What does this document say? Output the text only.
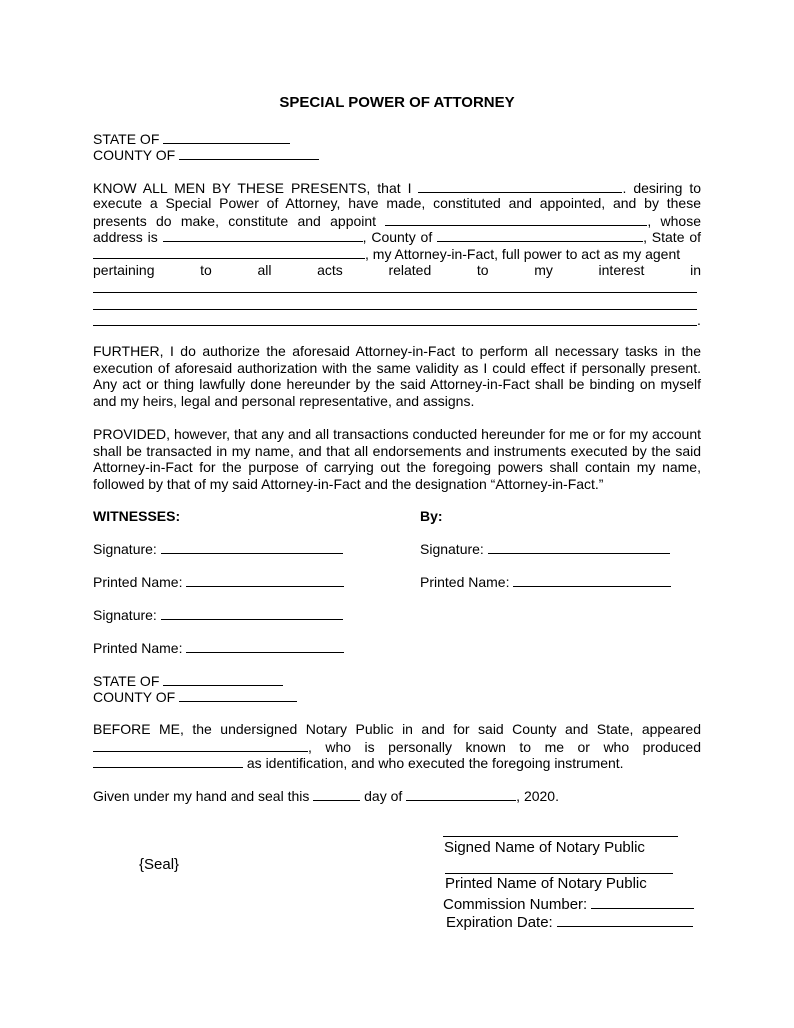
SPECIAL POWER OF ATTORNEY
STATE OF
COUNTY OF
KNOW ALL MEN BY THESE PRESENTS, that I	. desiring to
execute a Special Power of Attorney, have made, constituted and appointed, and by these
presents do make, constitute and appoint	, whose
address is	, County of	, State of
, my Attorney-in-Fact, full power to act as my agent
pertaining to all acts related to my interest in
.
FURTHER, I do authorize the aforesaid Attorney-in-Fact to perform all necessary tasks in the execution of aforesaid authorization with the same validity as I could effect if personally present. Any act or thing lawfully done hereunder by the said Attorney-in-Fact shall be binding on myself and my heirs, legal and personal representative, and assigns.
PROVIDED, however, that any and all transactions conducted hereunder for me or for my account shall be transacted in my name, and that all endorsements and instruments executed by the said Attorney-in-Fact for the purpose of carrying out the foregoing powers shall contain my name, followed by that of my said Attorney-in-Fact and the designation “Attorney-in-Fact.”
WITNESSES:	By:
Signature:	Signature:
Printed Name:	Printed Name:
Signature:
Printed Name:
STATE OF
COUNTY OF
BEFORE ME, the undersigned Notary Public in and for said County and State, appeared
, who is personally known to me or who produced
as identification, and who executed the foregoing instrument.
Given under my hand and seal this	day of	, 2020.
Signed Name of Notary Public
{Seal}
Printed Name of Notary Public
Commission Number:
Expiration Date:
